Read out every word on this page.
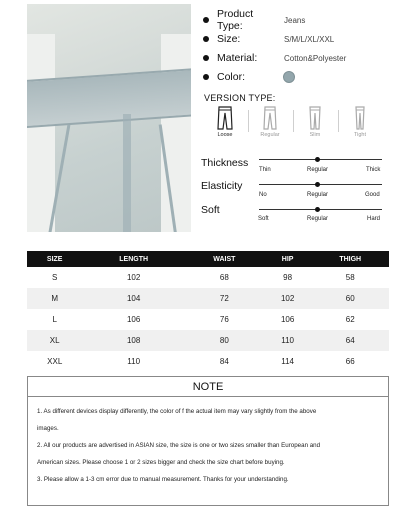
Product Type:	Jeans
Size:	S/M/L/XL/XXL
Material:	Cotton&Polyester
Color:
VERSION TYPE:
Loose	Regular	Slim	Tight
Thickness
Thin	Regular	Thick
Elasticity
No	Regular	Good
Soft
Soft	Regular	Hard
SIZE	LENGTH	WAIST	HIP	THIGH
S	102	68	98	58
M	104	72	102	60
L	106	76	106	62
XL	108	80	110	64
XXL	110	84	114	66
NOTE
1. As different devices display differently, the color of f the actual item may vary slightly from the above
images.
2. All our products are advertised in ASIAN size, the size is one or two sizes smaller than European and
American sizes. Please choose 1 or 2 sizes bigger and check the size chart before buying.
3. Please allow a 1-3 cm error due to manual measurement. Thanks for your understanding.
